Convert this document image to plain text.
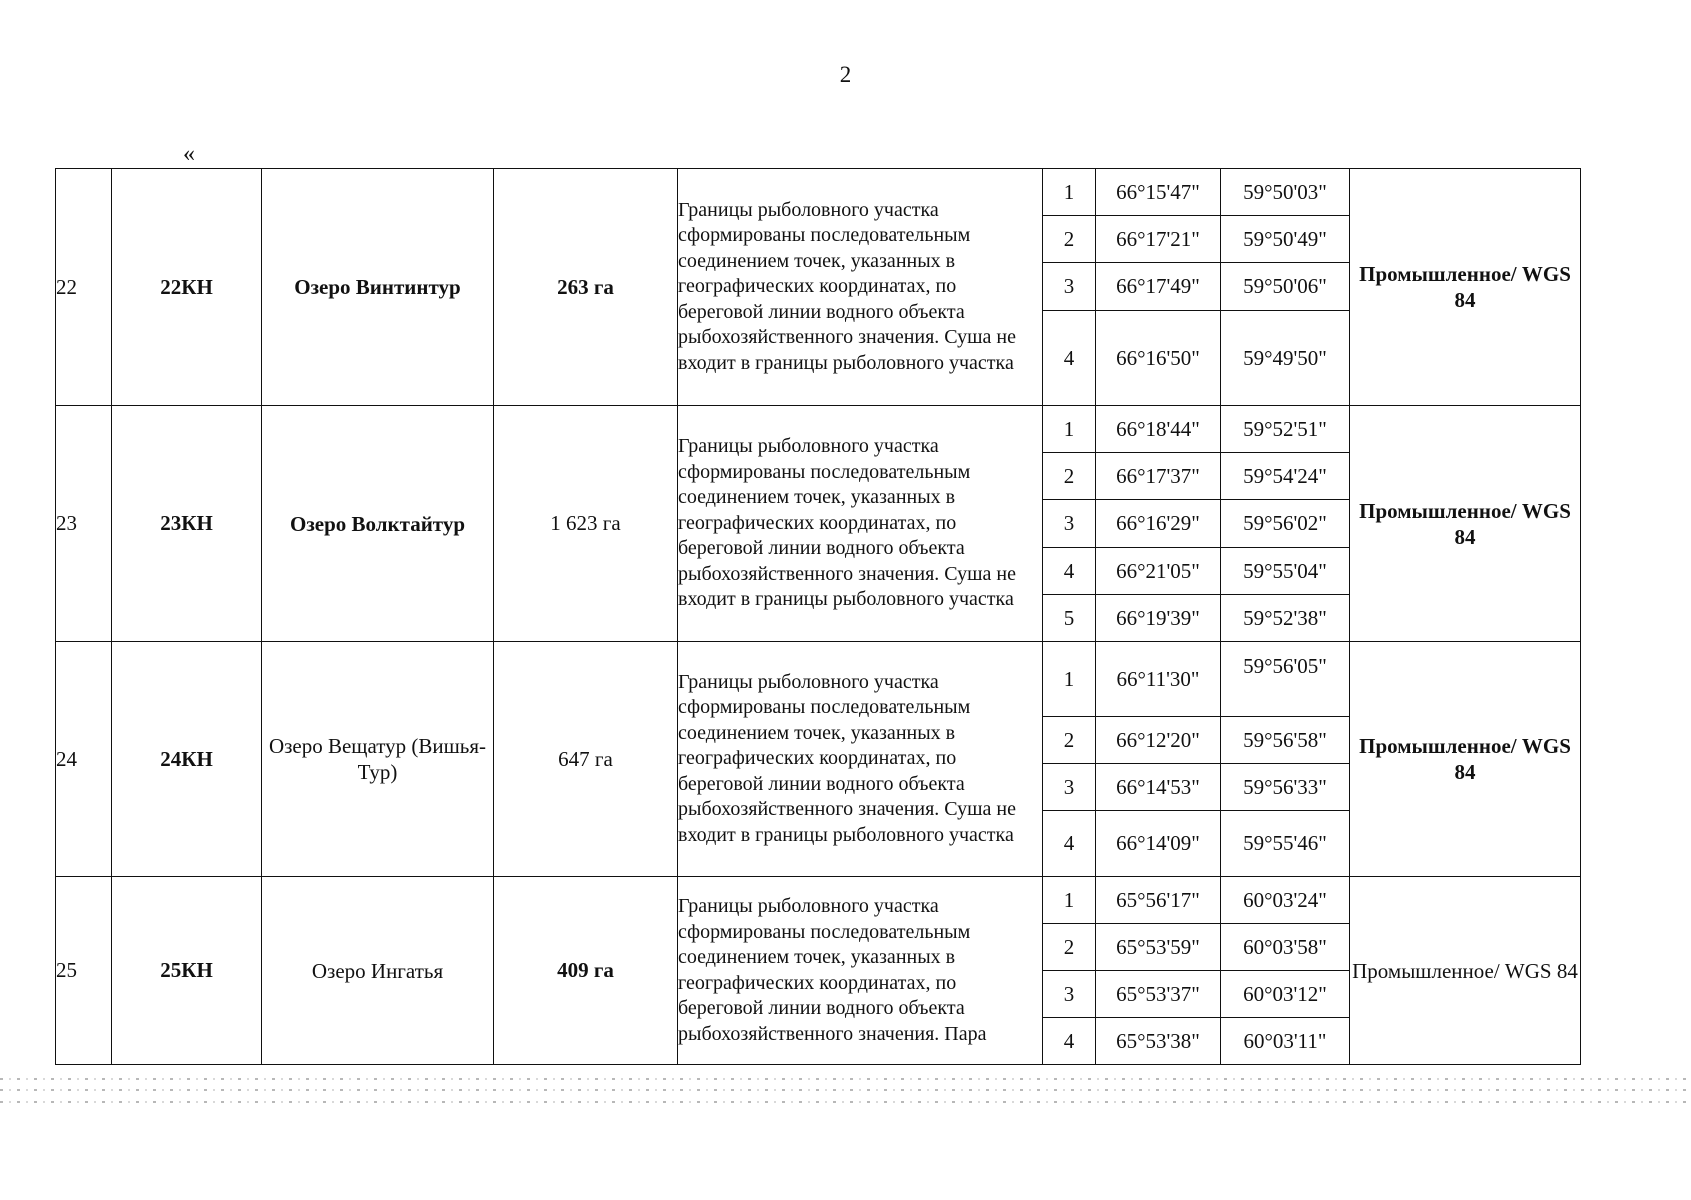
2
«
22	22КН	Озеро Винтинтур	263 га	Границы рыболовного участка сформированы последовательным соединением точек, указанных в географических координатах, по береговой линии водного объекта рыбохозяйственного значения. Суша не входит в границы рыболовного участка	1	66°15'47"	59°50'03"	Промышленное/ WGS 84
					2	66°17'21"	59°50'49"	
					3	66°17'49"	59°50'06"	
					4	66°16'50"	59°49'50"	
23	23КН	Озеро Волктайтур	1 623 га	Границы рыболовного участка сформированы последовательным соединением точек, указанных в географических координатах, по береговой линии водного объекта рыбохозяйственного значения. Суша не входит в границы рыболовного участка	1	66°18'44"	59°52'51"	Промышленное/ WGS 84
					2	66°17'37"	59°54'24"	
					3	66°16'29"	59°56'02"	
					4	66°21'05"	59°55'04"	
					5	66°19'39"	59°52'38"	
24	24КН	Озеро Вещатур (Вишья-Тур)	647 га	Границы рыболовного участка сформированы последовательным соединением точек, указанных в географических координатах, по береговой линии водного объекта рыбохозяйственного значения. Суша не входит в границы рыболовного участка	1	66°11'30"	59°56'05"	Промышленное/ WGS 84
					2	66°12'20"	59°56'58"	
					3	66°14'53"	59°56'33"	
					4	66°14'09"	59°55'46"	
25	25КН	Озеро Ингатья	409 га	Границы рыболовного участка сформированы последовательным соединением точек, указанных в географических координатах, по береговой линии водного объекта рыбохозяйственного значения. Пара	1	65°56'17"	60°03'24"	Промышленное/ WGS 84
					2	65°53'59"	60°03'58"	
					3	65°53'37"	60°03'12"	
					4	65°53'38"	60°03'11"	
